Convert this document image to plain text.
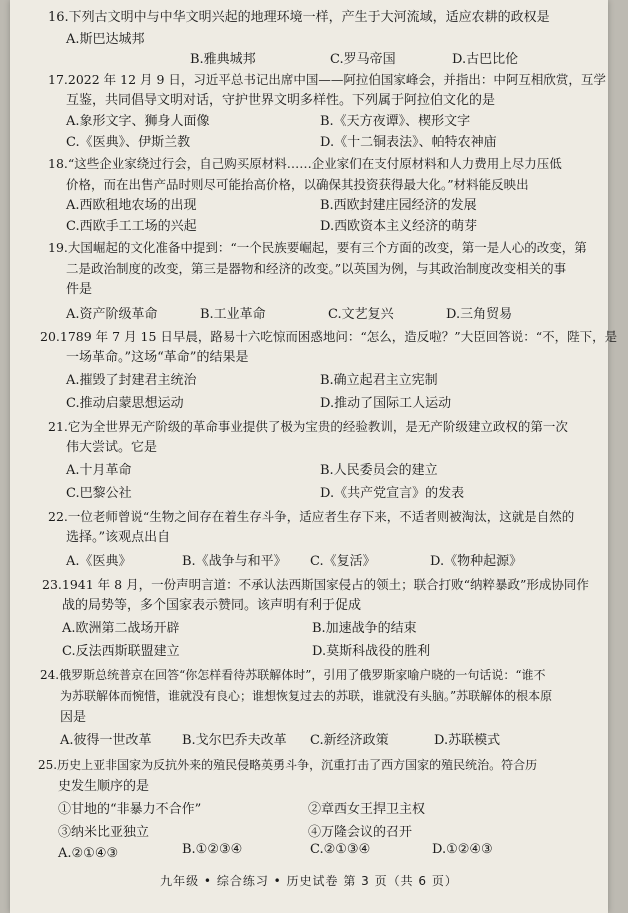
16.下列古文明中与中华文明兴起的地理环境一样，产生于大河流域，适应农耕的政权是
A.斯巴达城邦
B.雅典城邦	C.罗马帝国	D.古巴比伦
17.2022 年 12 月 9 日，习近平总书记出席中国——阿拉伯国家峰会，并指出：中阿互相欣赏，互学
互鉴，共同倡导文明对话，守护世界文明多样性。下列属于阿拉伯文化的是
A.象形文字、狮身人面像	B.《天方夜谭》、楔形文字
C.《医典》、伊斯兰教	D.《十二铜表法》、帕特农神庙
18.“这些企业家绕过行会，自己购买原材料……企业家们在支付原材料和人力费用上尽力压低
价格，而在出售产品时则尽可能抬高价格，以确保其投资获得最大化。”材料能反映出
A.西欧租地农场的出现	B.西欧封建庄园经济的发展
C.西欧手工工场的兴起	D.西欧资本主义经济的萌芽
19.大国崛起的文化准备中提到：“一个民族要崛起，要有三个方面的改变，第一是人心的改变，第
二是政治制度的改变，第三是器物和经济的改变。”以英国为例，与其政治制度改变相关的事
件是
A.资产阶级革命	B.工业革命	C.文艺复兴	D.三角贸易
20.1789 年 7 月 15 日早晨，路易十六吃惊而困惑地问：“怎么，造反啦？”大臣回答说：“不，陛下，是
一场革命。”这场“革命”的结果是
A.摧毁了封建君主统治	B.确立起君主立宪制
C.推动启蒙思想运动	D.推动了国际工人运动
21.它为全世界无产阶级的革命事业提供了极为宝贵的经验教训，是无产阶级建立政权的第一次
伟大尝试。它是
A.十月革命	B.人民委员会的建立
C.巴黎公社	D.《共产党宣言》的发表
22.一位老师曾说“生物之间存在着生存斗争，适应者生存下来，不适者则被淘汰，这就是自然的
选择。”该观点出自
A.《医典》	B.《战争与和平》 C.《复活》	D.《物种起源》
23.1941 年 8 月，一份声明言道：不承认法西斯国家侵占的领土；联合打败“纳粹暴政”形成协同作
战的局势等，多个国家表示赞同。该声明有利于促成
A.欧洲第二战场开辟	B.加速战争的结束
C.反法西斯联盟建立	D.莫斯科战役的胜利
24.俄罗斯总统普京在回答“你怎样看待苏联解体时”，引用了俄罗斯家喻户晓的一句话说：“谁不
为苏联解体而惋惜，谁就没有良心；谁想恢复过去的苏联，谁就没有头脑。”苏联解体的根本原
因是
A.彼得一世改革 B.戈尔巴乔夫改革 C.新经济政策	D.苏联模式
25.历史上亚非国家为反抗外来的殖民侵略英勇斗争，沉重打击了西方国家的殖民统治。符合历
史发生顺序的是
①甘地的“非暴力不合作”	②章西女王捍卫主权
③纳米比亚独立	④万隆会议的召开
A.②①④③	B.①②③④	C.②①③④	D.①②④③
九年级 • 综合练习 • 历史试卷 第 3 页（共 6 页）
